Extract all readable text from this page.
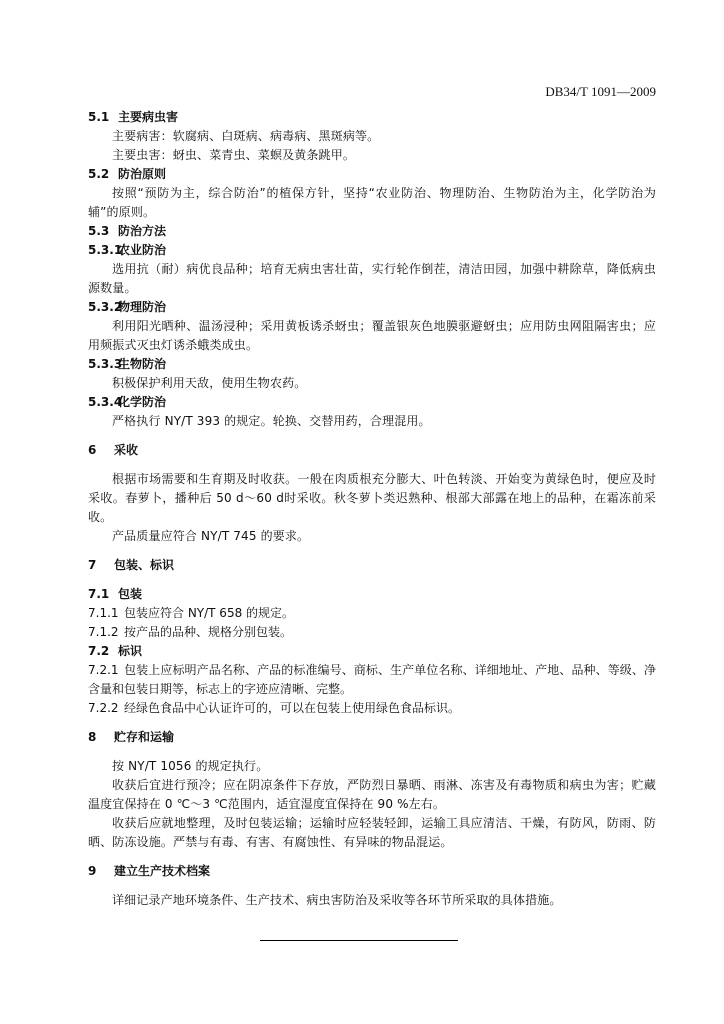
DB34/T 1091—2009
5.1 主要病虫害
主要病害：软腐病、白斑病、病毒病、黑斑病等。
主要虫害：蚜虫、菜青虫、菜螟及黄条跳甲。
5.2 防治原则
按照“预防为主，综合防治”的植保方针，坚持“农业防治、物理防治、生物防治为主，化学防治为辅”的原则。
5.3 防治方法
5.3.1农业防治
选用抗（耐）病优良品种；培育无病虫害壮苗，实行轮作倒茬，清洁田园，加强中耕除草，降低病虫源数量。
5.3.2物理防治
利用阳光晒种、温汤浸种；采用黄板诱杀蚜虫；覆盖银灰色地膜驱避蚜虫；应用防虫网阻隔害虫；应用频振式灭虫灯诱杀蛾类成虫。
5.3.3生物防治
积极保护利用天敌，使用生物农药。
5.3.4化学防治
严格执行 NY/T 393 的规定。轮换、交替用药，合理混用。
6 采收
根据市场需要和生育期及时收获。一般在肉质根充分膨大、叶色转淡、开始变为黄绿色时，便应及时采收。春萝卜，播种后 50 d～60 d时采收。秋冬萝卜类迟熟种、根部大部露在地上的品种，在霜冻前采收。
产品质量应符合 NY/T 745 的要求。
7 包装、标识
7.1 包装
7.1.1 包装应符合 NY/T 658 的规定。
7.1.2 按产品的品种、规格分别包装。
7.2 标识
7.2.1 包装上应标明产品名称、产品的标准编号、商标、生产单位名称、详细地址、产地、品种、等级、净含量和包装日期等，标志上的字迹应清晰、完整。
7.2.2 经绿色食品中心认证许可的，可以在包装上使用绿色食品标识。
8 贮存和运输
按 NY/T 1056 的规定执行。
收获后宜进行预冷；应在阴凉条件下存放，严防烈日暴晒、雨淋、冻害及有毒物质和病虫为害；贮藏温度宜保持在 0 ℃～3 ℃范围内，适宜湿度宜保持在 90 %左右。
收获后应就地整理，及时包装运输；运输时应轻装轻卸，运输工具应清洁、干燥，有防风，防雨、防晒、防冻设施。严禁与有毒、有害、有腐蚀性、有异味的物品混运。
9 建立生产技术档案
详细记录产地环境条件、生产技术、病虫害防治及采收等各环节所采取的具体措施。
